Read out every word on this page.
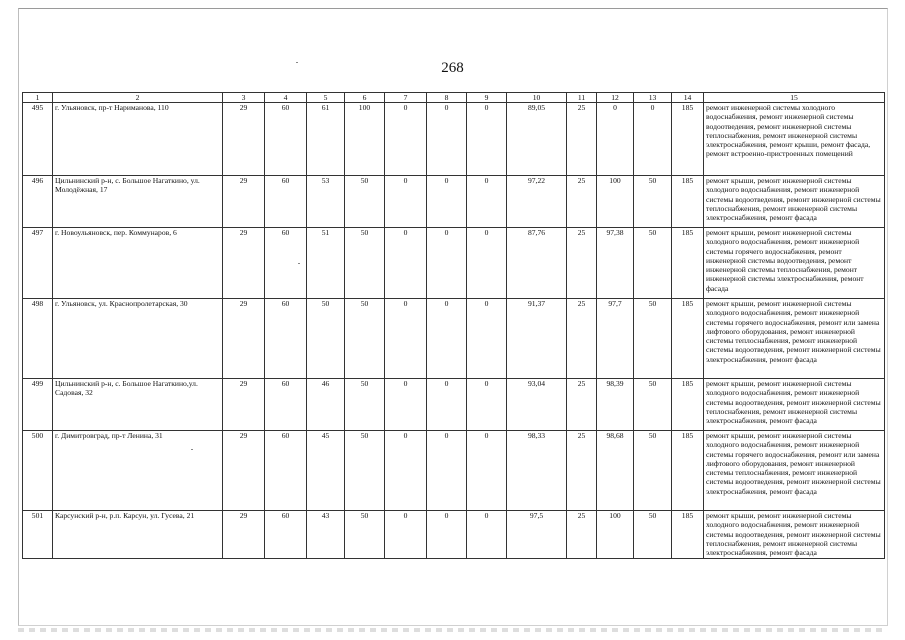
268
1	2	3	4	5	6	7	8	9	10	11	12	13	14	15
495	г. Ульяновск, пр-т Нариманова, 110	29	60	61	100	0	0	0	89,05	25	0	0	185	ремонт инженерной системы холодного водоснабжения, ремонт инженерной системы водоотведения, ремонт инженерной системы теплоснабжения, ремонт инженерной системы электроснабжения, ремонт крыши, ремонт фасада, ремонт встроенно-пристроенных помещений
496	Цильнинский р-н, с. Большое Нагаткино, ул. Молодёжная, 17	29	60	53	50	0	0	0	97,22	25	100	50	185	ремонт крыши, ремонт инженерной системы холодного водоснабжения, ремонт инженерной системы водоотведения, ремонт инженерной системы теплоснабжения, ремонт инженерной системы электроснабжения, ремонт фасада
497	г. Новоульяновск, пер. Коммунаров, 6	29	60	51	50	0	0	0	87,76	25	97,38	50	185	ремонт крыши, ремонт инженерной системы холодного водоснабжения, ремонт инженерной системы горячего водоснабжения, ремонт инженерной системы водоотведения, ремонт инженерной системы теплоснабжения, ремонт инженерной системы электроснабжения, ремонт фасада
498	г. Ульяновск, ул. Краснопролетарская, 30	29	60	50	50	0	0	0	91,37	25	97,7	50	185	ремонт крыши, ремонт инженерной системы холодного водоснабжения, ремонт инженерной системы горячего водоснабжения, ремонт или замена лифтового оборудования, ремонт инженерной системы теплоснабжения, ремонт инженерной системы водоотведения, ремонт инженерной системы электроснабжения, ремонт фасада
499	Цильнинский р-н, с. Большое Нагаткино,ул. Садовая, 32	29	60	46	50	0	0	0	93,04	25	98,39	50	185	ремонт крыши, ремонт инженерной системы холодного водоснабжения, ремонт инженерной системы водоотведения, ремонт инженерной системы теплоснабжения, ремонт инженерной системы электроснабжения, ремонт фасада
500	г. Димитровград, пр-т Ленина, 31	29	60	45	50	0	0	0	98,33	25	98,68	50	185	ремонт крыши, ремонт инженерной системы холодного водоснабжения, ремонт инженерной системы горячего водоснабжения, ремонт или замена лифтового оборудования, ремонт инженерной системы теплоснабжения, ремонт инженерной системы водоотведения, ремонт инженерной системы электроснабжения, ремонт фасада
501	Карсунский р-н, р.п. Карсун, ул. Гусева, 21	29	60	43	50	0	0	0	97,5	25	100	50	185	ремонт крыши, ремонт инженерной системы холодного водоснабжения, ремонт инженерной системы водоотведения, ремонт инженерной системы теплоснабжения, ремонт инженерной системы электроснабжения, ремонт фасада
